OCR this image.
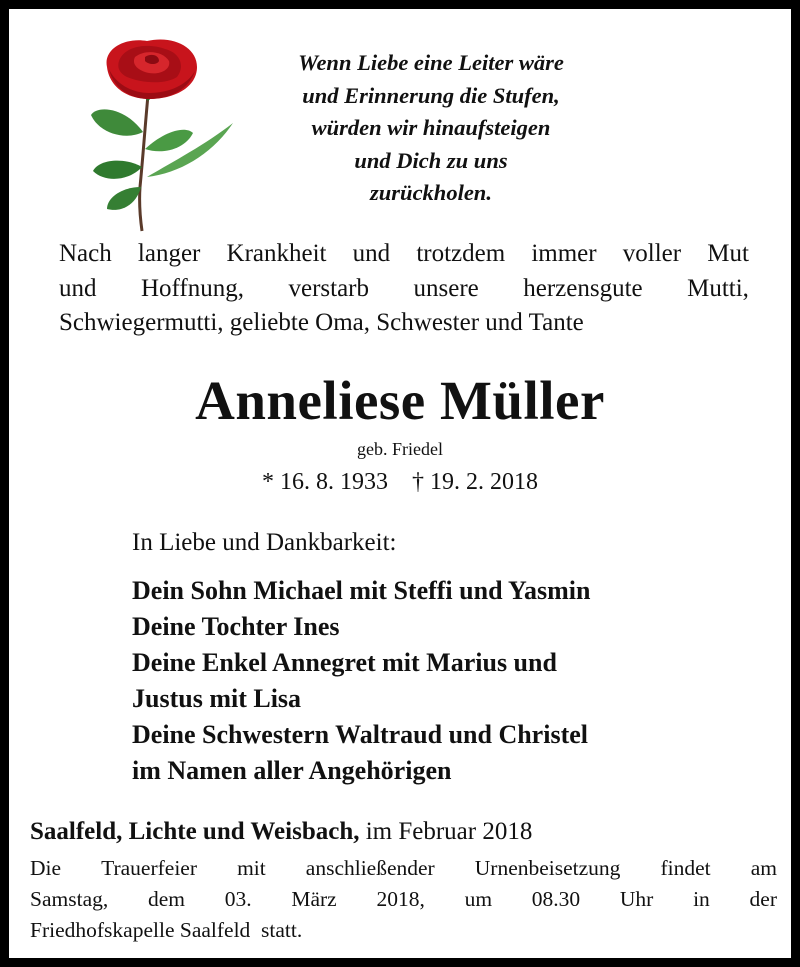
Wenn Liebe eine Leiter wäre
und Erinnerung die Stufen,
würden wir hinaufsteigen
und Dich zu uns
zurückholen.
Nach langer Krankheit und trotzdem immer voller Mut
und Hoffnung, verstarb unsere herzensgute Mutti,
Schwiegermutti, geliebte Oma, Schwester und Tante
Anneliese Müller
geb. Friedel
* 16. 8. 1933 † 19. 2. 2018
In Liebe und Dankbarkeit:
Dein Sohn Michael mit Steffi und Yasmin
Deine Tochter Ines
Deine Enkel Annegret mit Marius und
Justus mit Lisa
Deine Schwestern Waltraud und Christel
im Namen aller Angehörigen
Saalfeld, Lichte und Weisbach, im Februar 2018
Die Trauerfeier mit anschließender Urnenbeisetzung findet am
Samstag, dem 03. März 2018, um 08.30 Uhr in der
Friedhofskapelle Saalfeld  statt.
